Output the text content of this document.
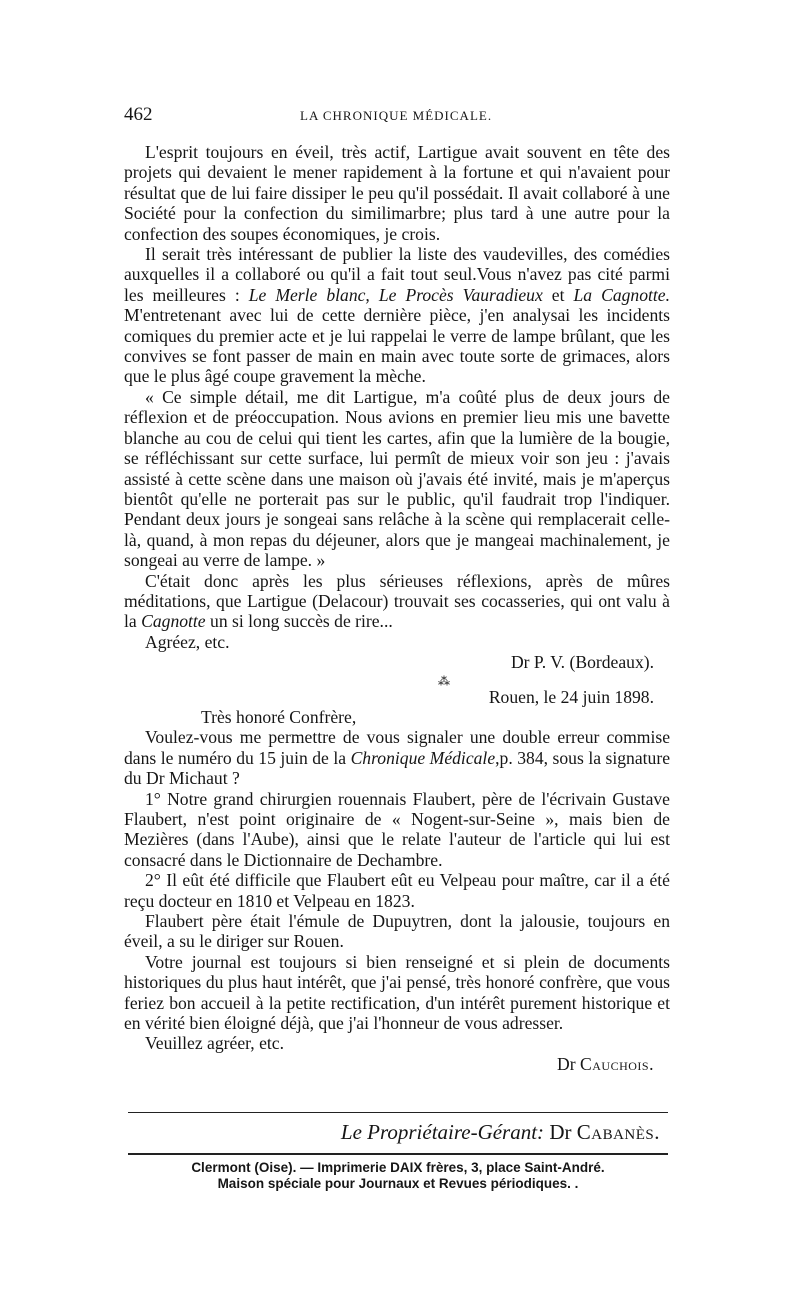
462	LA CHRONIQUE MÉDICALE.

L'esprit toujours en éveil, très actif, Lartigue avait souvent en tête des projets qui devaient le mener rapidement à la fortune et qui n'avaient pour résultat que de lui faire dissiper le peu qu'il possédait. Il avait collaboré à une Société pour la confection du similimarbre; plus tard à une autre pour la confection des soupes économiques, je crois.

Il serait très intéressant de publier la liste des vaudevilles, des comédies auxquelles il a collaboré ou qu'il a fait tout seul.Vous n'avez pas cité parmi les meilleures : Le Merle blanc, Le Procès Vauradieux et La Cagnotte. M'entretenant avec lui de cette dernière pièce, j'en analysai les incidents comiques du premier acte et je lui rappelai le verre de lampe brûlant, que les convives se font passer de main en main avec toute sorte de grimaces, alors que le plus âgé coupe gravement la mèche.

« Ce simple détail, me dit Lartigue, m'a coûté plus de deux jours de réflexion et de préoccupation. Nous avions en premier lieu mis une bavette blanche au cou de celui qui tient les cartes, afin que la lumière de la bougie, se réfléchissant sur cette surface, lui permît de mieux voir son jeu : j'avais assisté à cette scène dans une maison où j'avais été invité, mais je m'aperçus bientôt qu'elle ne porterait pas sur le public, qu'il faudrait trop l'indiquer. Pendant deux jours je songeai sans relâche à la scène qui remplacerait celle-là, quand, à mon repas du déjeuner, alors que je mangeai machinalement, je songeai au verre de lampe. »

C'était donc après les plus sérieuses réflexions, après de mûres méditations, que Lartigue (Delacour) trouvait ses cocasseries, qui ont valu à la Cagnotte un si long succès de rire...

Agréez, etc.

Dr P. V. (Bordeaux).

⁂

Rouen, le 24 juin 1898.

Très honoré Confrère,

Voulez-vous me permettre de vous signaler une double erreur commise dans le numéro du 15 juin de la Chronique Médicale,p. 384, sous la signature du Dr Michaut ?

1° Notre grand chirurgien rouennais Flaubert, père de l'écrivain Gustave Flaubert, n'est point originaire de « Nogent-sur-Seine », mais bien de Mezières (dans l'Aube), ainsi que le relate l'auteur de l'article qui lui est consacré dans le Dictionnaire de Dechambre.

2° Il eût été difficile que Flaubert eût eu Velpeau pour maître, car il a été reçu docteur en 1810 et Velpeau en 1823.

Flaubert père était l'émule de Dupuytren, dont la jalousie, toujours en éveil, a su le diriger sur Rouen.

Votre journal est toujours si bien renseigné et si plein de documents historiques du plus haut intérêt, que j'ai pensé, très honoré confrère, que vous feriez bon accueil à la petite rectification, d'un intérêt purement historique et en vérité bien éloigné déjà, que j'ai l'honneur de vous adresser.

Veuillez agréer, etc.

Dr Cauchois.

Le Propriétaire-Gérant: Dr Cabanès.
Clermont (Oise). — Imprimerie DAIX frères, 3, place Saint-André.
Maison spéciale pour Journaux et Revues périodiques. .
